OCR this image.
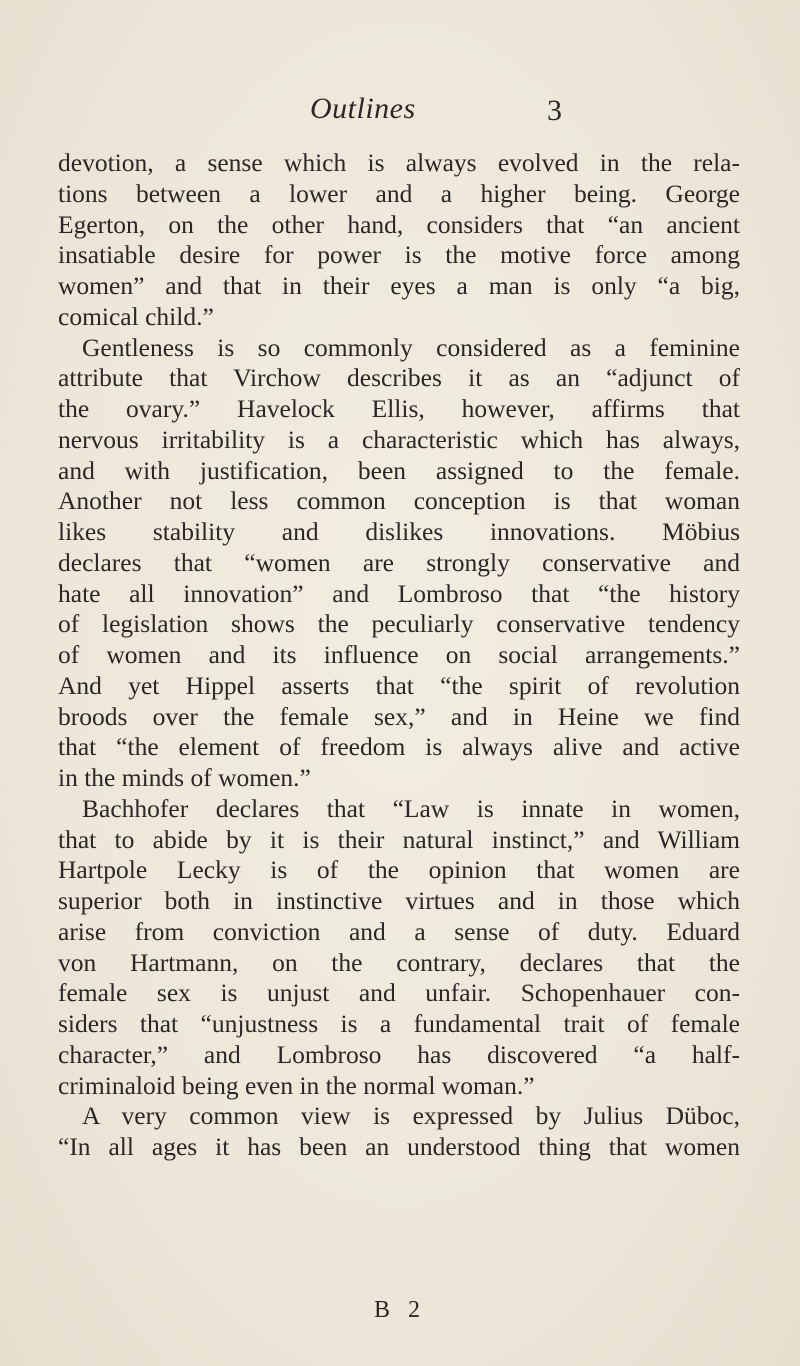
Outlines	3
devotion, a sense which is always evolved in the rela-
tions between a lower and a higher being. George
Egerton, on the other hand, considers that “an ancient
insatiable desire for power is the motive force among
women” and that in their eyes a man is only “a big,
comical child.”
Gentleness is so commonly considered as a feminine
attribute that Virchow describes it as an “adjunct of
the ovary.” Havelock Ellis, however, affirms that
nervous irritability is a characteristic which has always,
and with justification, been assigned to the female.
Another not less common conception is that woman
likes stability and dislikes innovations. Möbius
declares that “women are strongly conservative and
hate all innovation” and Lombroso that “the history
of legislation shows the peculiarly conservative tendency
of women and its influence on social arrangements.”
And yet Hippel asserts that “the spirit of revolution
broods over the female sex,” and in Heine we find
that “the element of freedom is always alive and active
in the minds of women.”
Bachhofer declares that “Law is innate in women,
that to abide by it is their natural instinct,” and William
Hartpole Lecky is of the opinion that women are
superior both in instinctive virtues and in those which
arise from conviction and a sense of duty. Eduard
von Hartmann, on the contrary, declares that the
female sex is unjust and unfair. Schopenhauer con-
siders that “unjustness is a fundamental trait of female
character,” and Lombroso has discovered “a half-
criminaloid being even in the normal woman.”
A very common view is expressed by Julius Düboc,
“In all ages it has been an understood thing that women
B 2
